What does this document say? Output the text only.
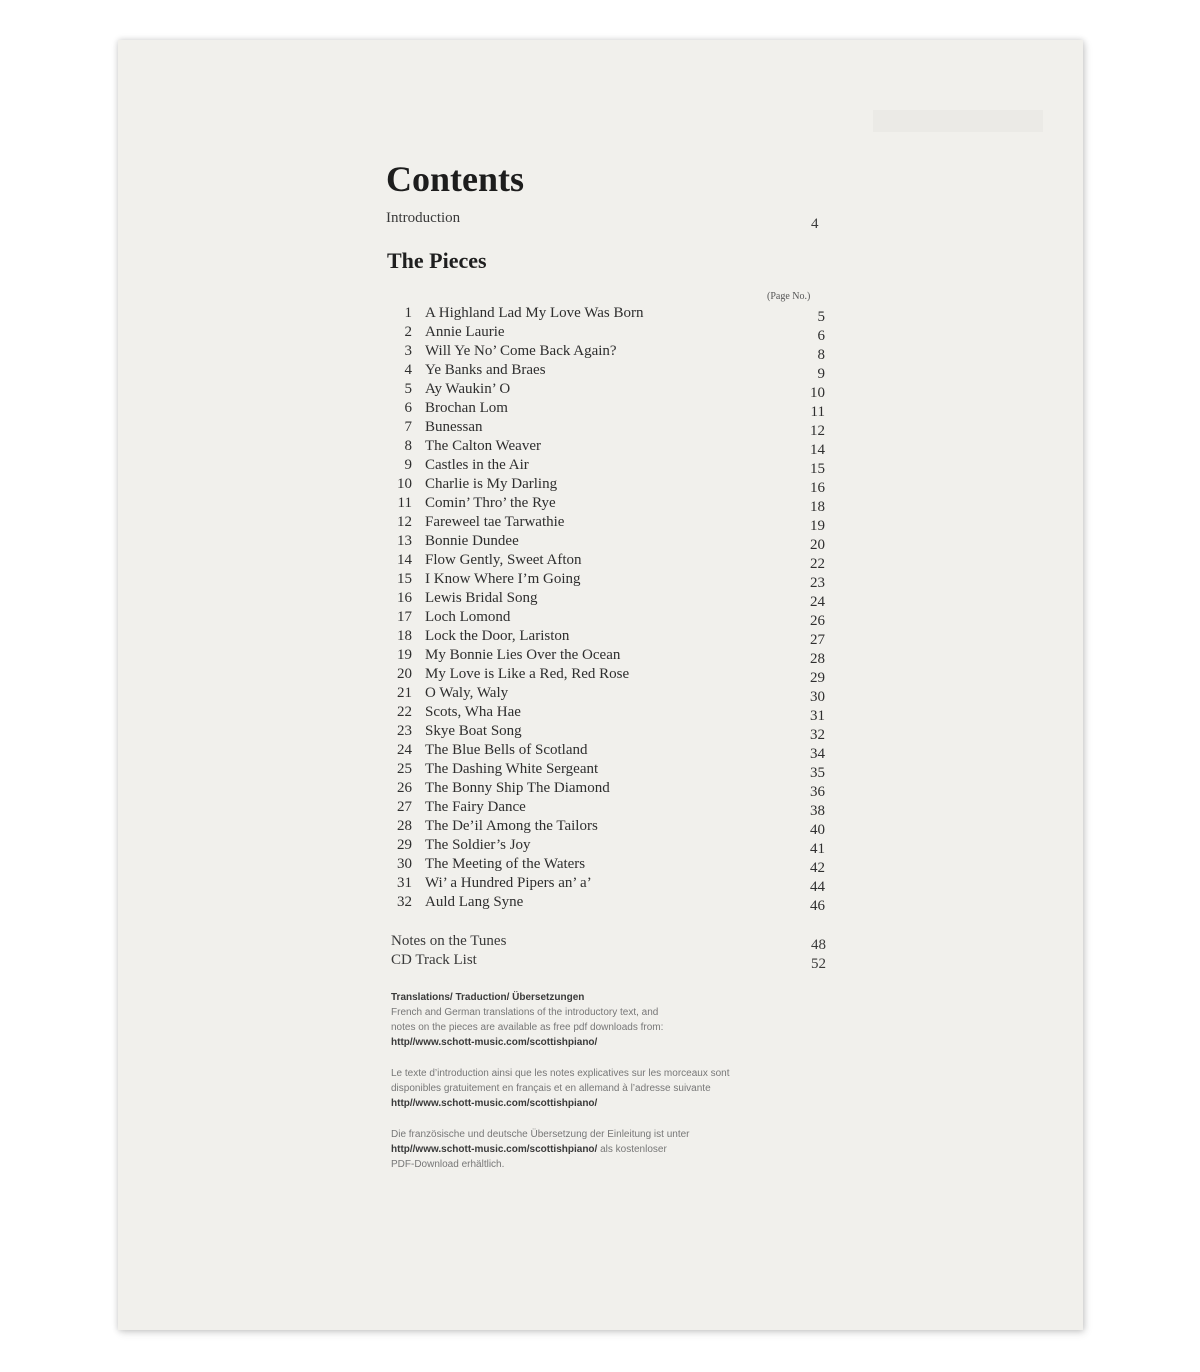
Contents
Introduction	4
The Pieces
(Page No.)
1 A Highland Lad My Love Was Born	5
2 Annie Laurie	6
3 Will Ye No’ Come Back Again?	8
4 Ye Banks and Braes	9
5 Ay Waukin’ O	10
6 Brochan Lom	11
7 Bunessan	12
8 The Calton Weaver	14
9 Castles in the Air	15
10 Charlie is My Darling	16
11 Comin’ Thro’ the Rye	18
12 Fareweel tae Tarwathie	19
13 Bonnie Dundee	20
14 Flow Gently, Sweet Afton	22
15 I Know Where I’m Going	23
16 Lewis Bridal Song	24
17 Loch Lomond	26
18 Lock the Door, Lariston	27
19 My Bonnie Lies Over the Ocean	28
20 My Love is Like a Red, Red Rose	29
21 O Waly, Waly	30
22 Scots, Wha Hae	31
23 Skye Boat Song	32
24 The Blue Bells of Scotland	34
25 The Dashing White Sergeant	35
26 The Bonny Ship The Diamond	36
27 The Fairy Dance	38
28 The De’il Among the Tailors	40
29 The Soldier’s Joy	41
30 The Meeting of the Waters	42
31 Wi’ a Hundred Pipers an’ a’	44
32 Auld Lang Syne	46
Notes on the Tunes	48
CD Track List	52

Translations/ Traduction/ Übersetzungen

French and German translations of the introductory text, and

notes on the pieces are available as free pdf downloads from:

http//www.schott-music.com/scottishpiano/

Le texte d’introduction ainsi que les notes explicatives sur les morceaux sont

disponibles gratuitement en français et en allemand à l’adresse suivante

http//www.schott-music.com/scottishpiano/

Die französische und deutsche Übersetzung der Einleitung ist unter

http//www.schott-music.com/scottishpiano/ als kostenloser

PDF-Download erhältlich.
